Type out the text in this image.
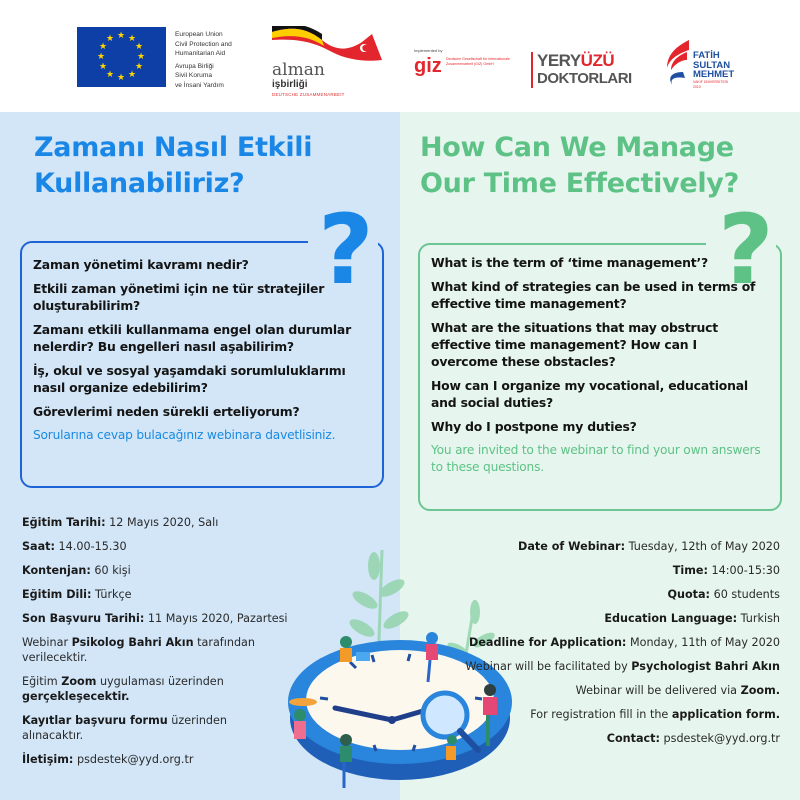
★ ★
★
★
★
★
★
★
★
★
★
★	European Union
Civil Protection and
Humanitarian Aid
Avrupa Birliği
Sivil Koruma
ve İnsani Yardım
alman
işbirliği
DEUTSCHE ZUSAMMENARBEIT
Implemented by
giz Deutsche Gesellschaft für Internationale Zusammenarbeit (GIZ) GmbH	YERYÜZÜ
DOKTORLARI
FATİH
SULTAN
MEHMET
VAKIF ÜNİVERSİTESİ
2010
Zamanı Nasıl Etkili
Kullanabiliriz?
How Can We Manage
Our Time Effectively?
?
Zaman yönetimi kavramı nedir?
Etkili zaman yönetimi için ne tür stratejiler oluşturabilirim?
Zamanı etkili kullanmama engel olan durumlar nelerdir? Bu engelleri nasıl aşabilirim?
İş, okul ve sosyal yaşamdaki sorumluluklarımı nasıl organize edebilirim?
Görevlerimi neden sürekli erteliyorum?
Sorularına cevap bulacağınız webinara davetlisiniz.
?
What is the term of ‘time management’?
What kind of strategies can be used in terms of effective time management?
What are the situations that may obstruct effective time management? How can I overcome these obstacles?
How can I organize my vocational, educational and social duties?
Why do I postpone my duties?
You are invited to the webinar to find your own answers to these questions.
Eğitim Tarihi: 12 Mayıs 2020, Salı
Saat: 14.00-15.30
Kontenjan: 60 kişi
Eğitim Dili: Türkçe
Son Başvuru Tarihi: 11 Mayıs 2020, Pazartesi
Webinar Psikolog Bahri Akın tarafından verilecektir.
Eğitim Zoom uygulaması üzerinden gerçekleşecektir.
Kayıtlar başvuru formu üzerinden alınacaktır.
İletişim: psdestek@yyd.org.tr
Date of Webinar: Tuesday, 12th of May 2020
Time: 14:00-15:30
Quota: 60 students
Education Language: Turkish
Deadline for Application: Monday, 11th of May 2020
Webinar will be facilitated by Psychologist Bahri Akın
Webinar will be delivered via Zoom.
For registration fill in the application form.
Contact: psdestek@yyd.org.tr
